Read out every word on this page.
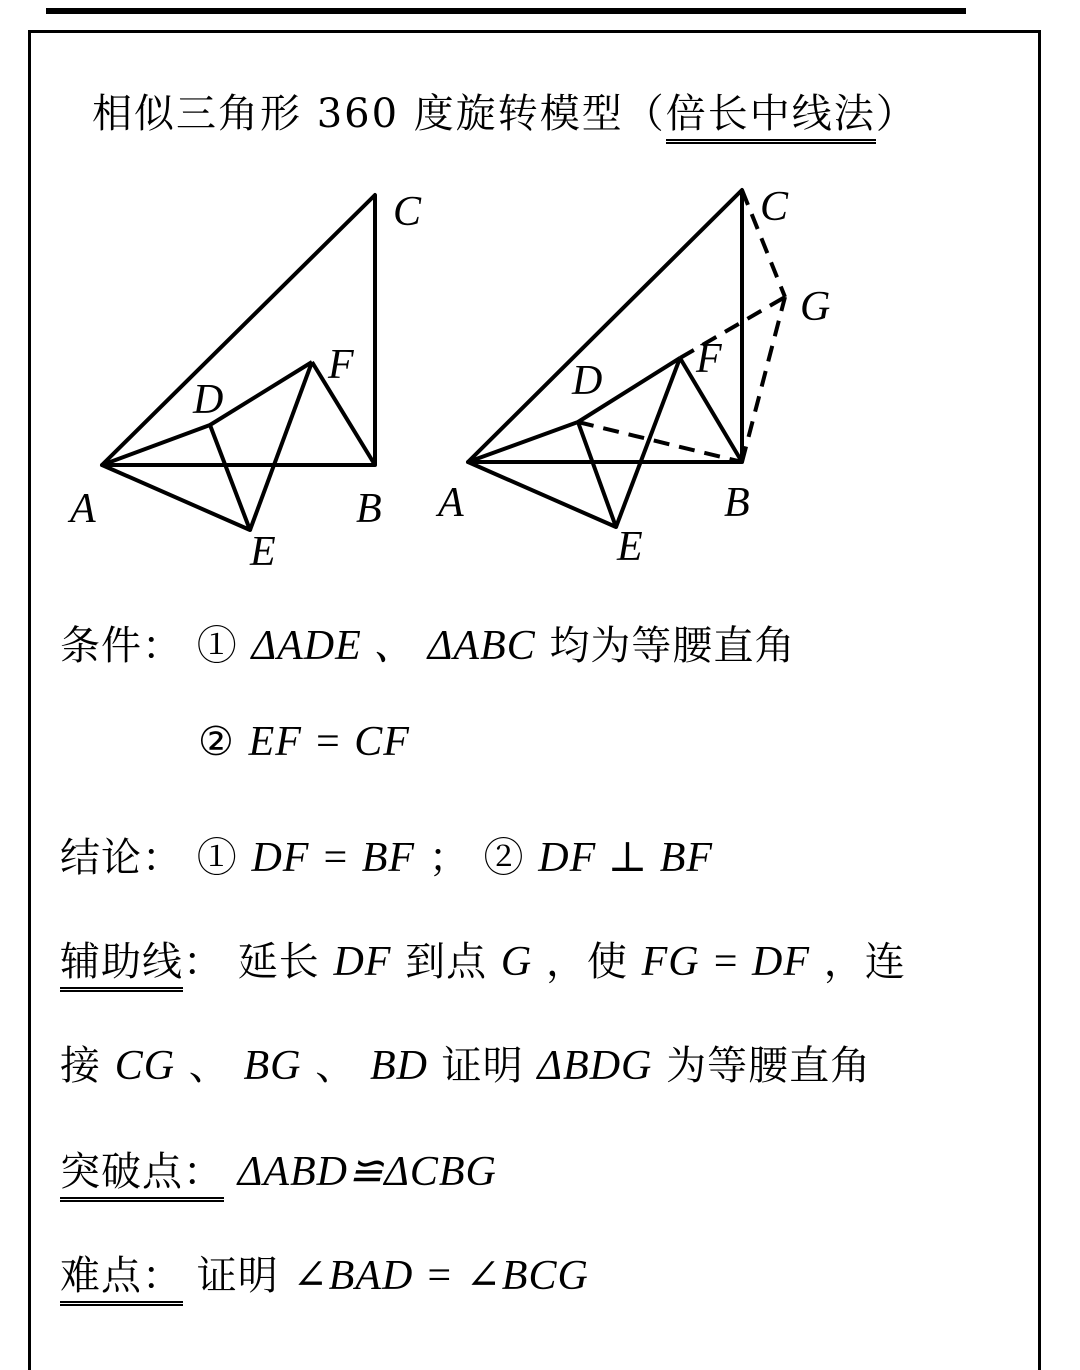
相似三角形 360 度旋转模型（倍长中线法）
C
F
D
A	B
E
C
G
F
D
A	B
E
条件： ① ΔADE 、 ΔABC 均为等腰直角
② EF = CF
结论： ① DF = BF ； ② DF ⊥ BF
辅助线： 延长 DF 到点 G ，使 FG = DF ，连
接 CG 、 BG 、 BD 证明 ΔBDG 为等腰直角
突破点： ΔABD≌ΔCBG
难点： 证明 ∠BAD = ∠BCG
